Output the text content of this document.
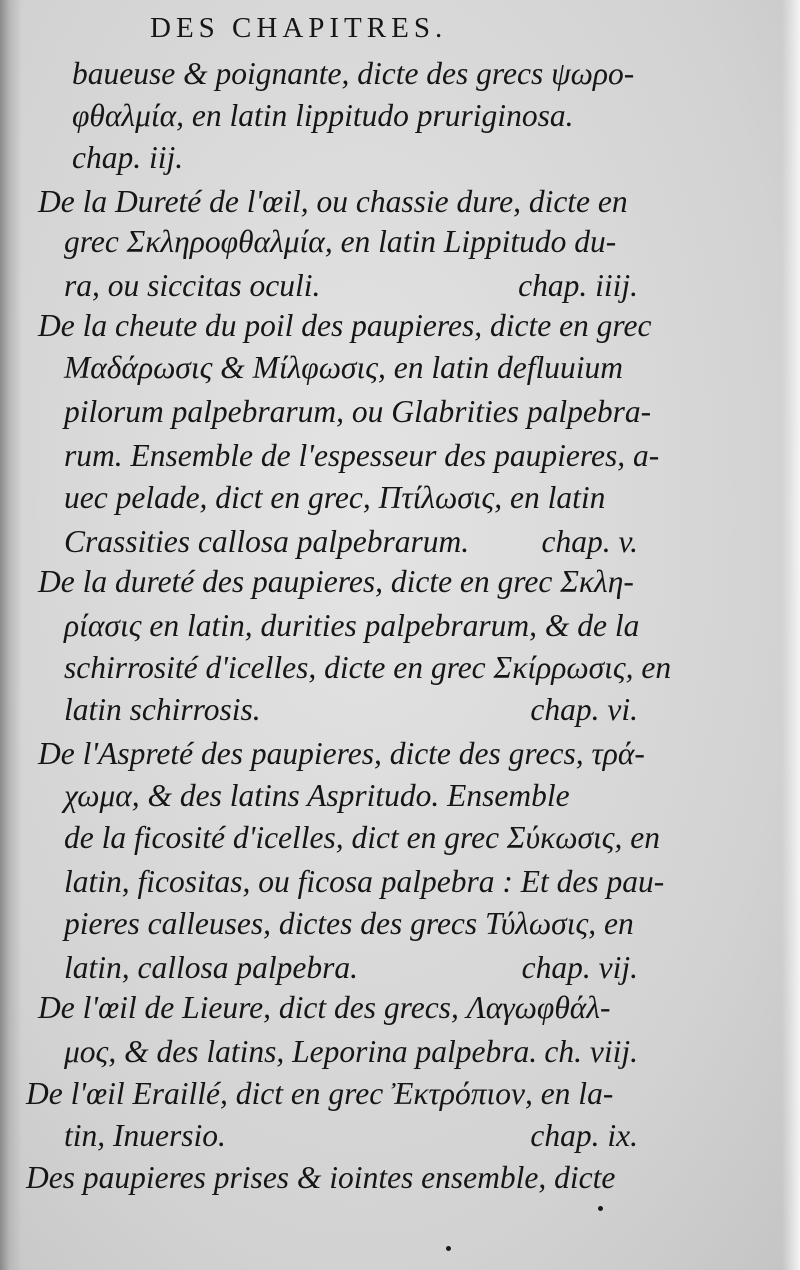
DES CHAPITRES.
baueuse & poignante, dicte des grecs ψωρο-
φθαλμία, en latin lippitudo pruriginosa.
chap. iij.
De la Dureté de l'œil, ou chassie dure, dicte en
grec Σκληροφθαλμία, en latin Lippitudo du-
ra, ou siccitas oculi.	chap. iiij.
De la cheute du poil des paupieres, dicte en grec
Μαδάρωσις & Μίλφωσις, en latin defluuium
pilorum palpebrarum, ou Glabrities palpebra-
rum. Ensemble de l'espesseur des paupieres, a-
uec pelade, dict en grec, Πτίλωσις, en latin
Crassities callosa palpebrarum. chap. v.
De la dureté des paupieres, dicte en grec Σκλη-
ρίασις en latin, durities palpebrarum, & de la
schirrosité d'icelles, dicte en grec Σκίρρωσις, en
latin schirrosis.	chap. vi.
De l'Aspreté des paupieres, dicte des grecs, τρά-
χωμα, & des latins Aspritudo. Ensemble
de la ficosité d'icelles, dict en grec Σύκωσις, en
latin, ficositas, ou ficosa palpebra : Et des pau-
pieres calleuses, dictes des grecs Τύλωσις, en
latin, callosa palpebra.	chap. vij.
De l'œil de Lieure, dict des grecs, Λαγωφθάλ-
μος, & des latins, Leporina palpebra. ch. viij.
De l'œil Eraillé, dict en grec Ἐκτρόπιον, en la-
tin, Inuersio.	chap. ix.
Des paupieres prises & iointes ensemble, dicte
